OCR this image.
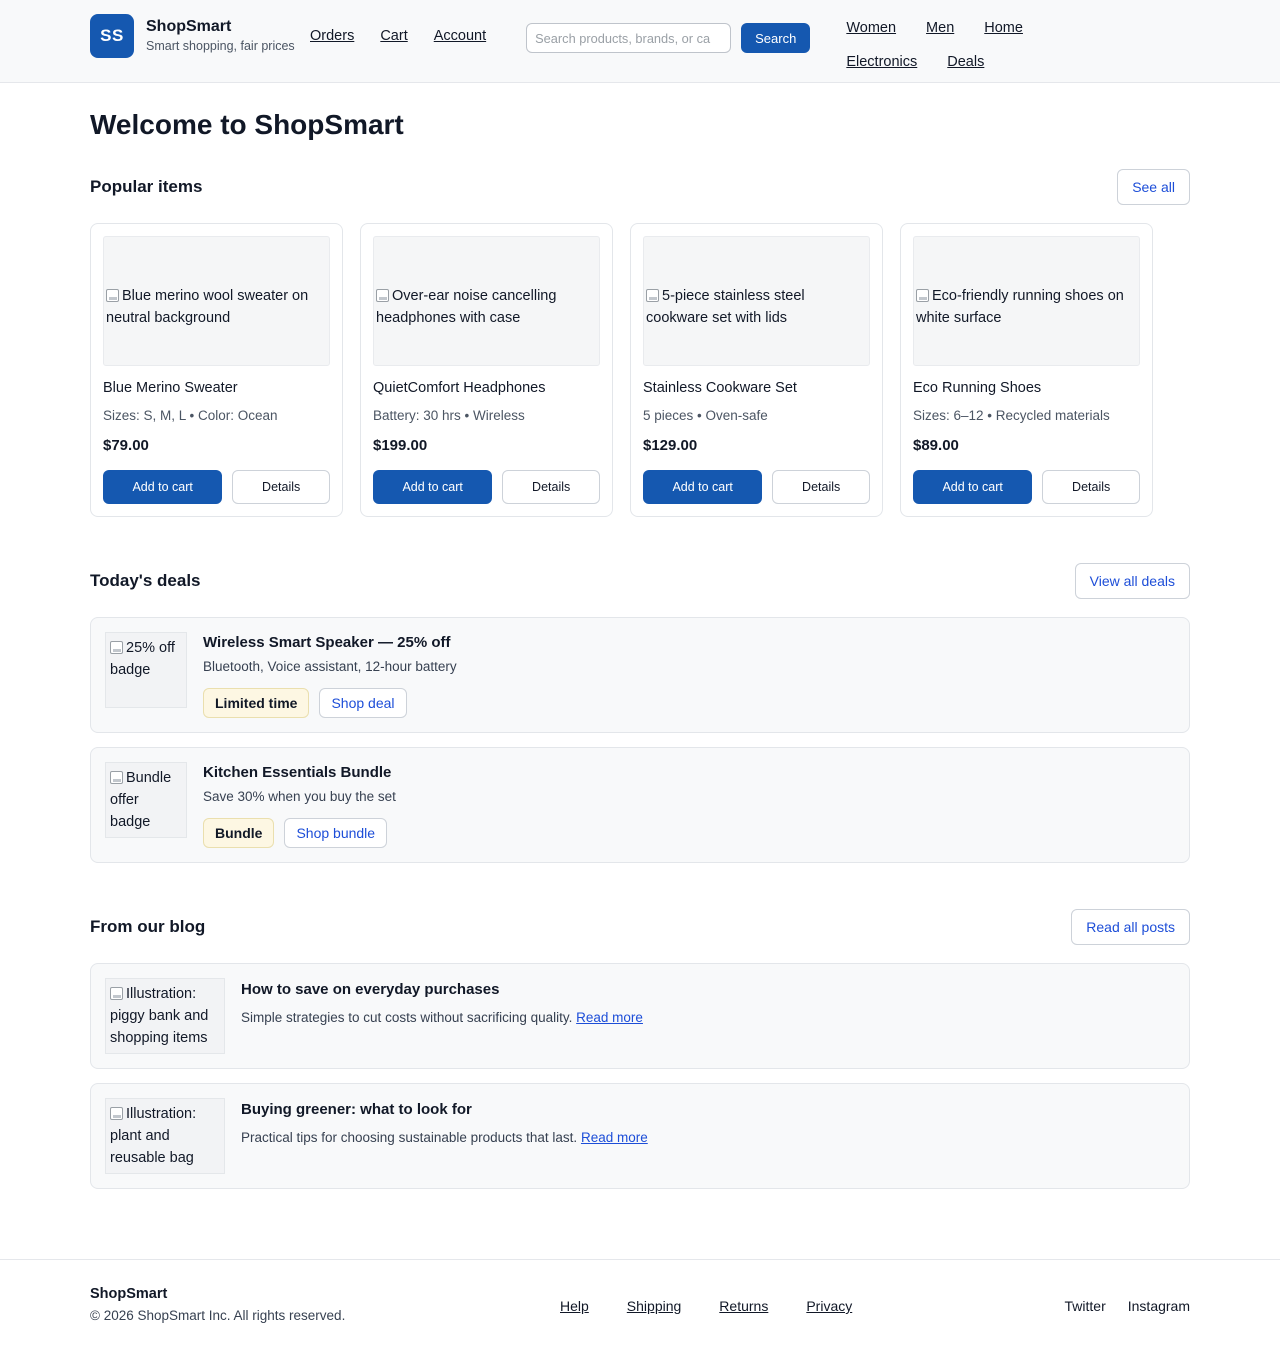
SS	ShopSmart
Smart shopping, fair prices
Orders Cart Account
Search products, brands, or ca	Search
Women Men Home
Electronics Deals
Welcome to ShopSmart
Popular items	See all
Blue merino wool sweater on neutral background
Blue Merino Sweater
Sizes: S, M, L • Color: Ocean
$79.00
Add to cart	Details
Over-ear noise cancelling headphones with case
QuietComfort Headphones
Battery: 30 hrs • Wireless
$199.00
Add to cart	Details
5-piece stainless steel cookware set with lids
Stainless Cookware Set
5 pieces • Oven-safe
$129.00
Add to cart	Details
Eco-friendly running shoes on white surface
Eco Running Shoes
Sizes: 6–12 • Recycled materials
$89.00
Add to cart	Details
Today's deals	View all deals
25% off badge
Wireless Smart Speaker — 25% off
Bluetooth, Voice assistant, 12-hour battery
Limited time	Shop deal
Bundle offer badge
Kitchen Essentials Bundle
Save 30% when you buy the set
Bundle	Shop bundle
From our blog	Read all posts
Illustration: piggy bank and shopping items
How to save on everyday purchases
Simple strategies to cut costs without sacrificing quality. Read more
Illustration: plant and reusable bag
Buying greener: what to look for
Practical tips for choosing sustainable products that last. Read more
ShopSmart
© 2026 ShopSmart Inc. All rights reserved.
Help	Shipping	Returns	Privacy	Twitter Instagram
